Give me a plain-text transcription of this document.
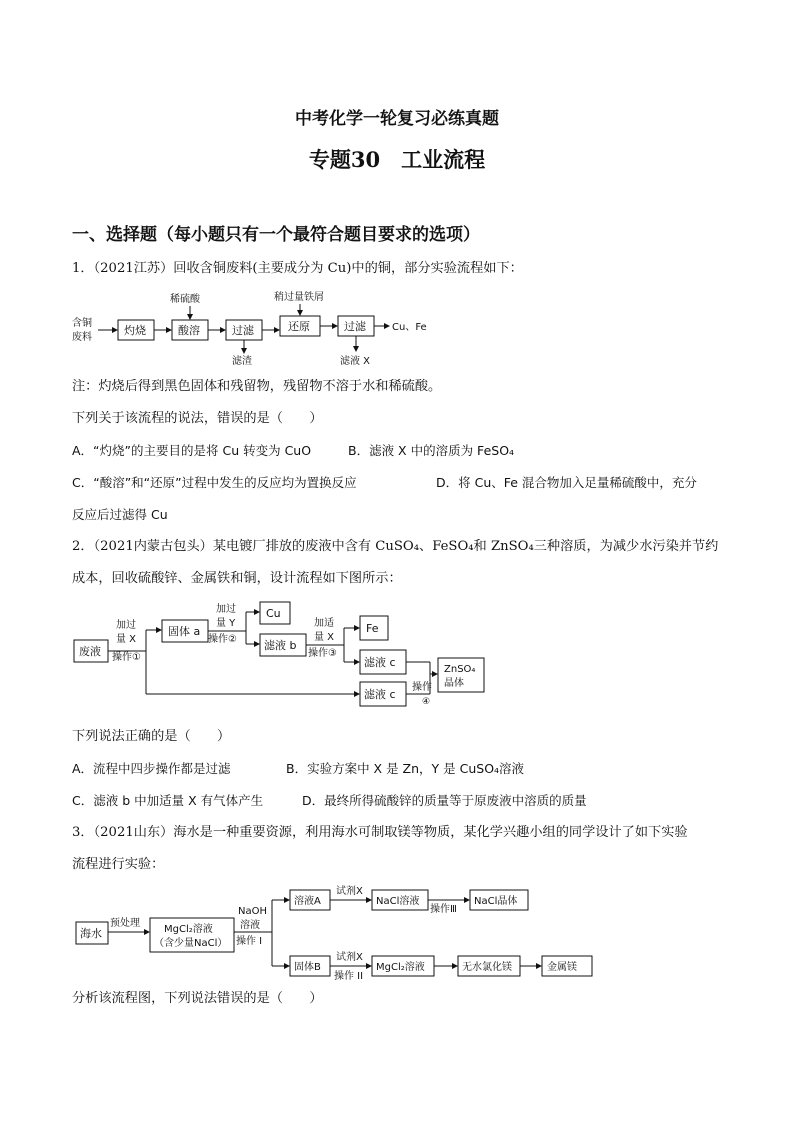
中考化学一轮复习必练真题
专题30　工业流程
一、选择题（每小题只有一个最符合题目要求的选项）
1．（2021江苏）回收含铜废料(主要成分为 Cu)中的铜，部分实验流程如下：
含铜
废料
灼烧
稀硫酸
酸溶	过滤
滤渣
稍过量铁屑
还原	过滤
滤液 X
Cu、Fe
注：灼烧后得到黑色固体和残留物，残留物不溶于水和稀硫酸。
下列关于该流程的说法，错误的是（　　）
A．“灼烧”的主要目的是将 Cu 转变为 CuO	B．滤液 X 中的溶质为 FeSO₄
C．“酸溶”和“还原”过程中发生的反应均为置换反应	D．将 Cu、Fe 混合物加入足量稀硫酸中，充分
反应后过滤得 Cu
2．（2021内蒙古包头）某电镀厂排放的废液中含有 CuSO₄、FeSO₄和 ZnSO₄三种溶质，为减少水污染并节约
成本，回收硫酸锌、金属铁和铜，设计流程如下图所示：
废液
加过
量 X
操作①
固体 a
加过
量 Y
操作②
Cu
滤液 b
加适
量 X
操作③
Fe
滤液 c
滤液 c
操作
④
ZnSO₄
晶体
下列说法正确的是（　　）
A．流程中四步操作都是过滤	B．实验方案中 X 是 Zn，Y 是 CuSO₄溶液
C．滤液 b 中加适量 X 有气体产生	D．最终所得硫酸锌的质量等于原废液中溶质的质量
3．（2021山东）海水是一种重要资源，利用海水可制取镁等物质，某化学兴趣小组的同学设计了如下实验
流程进行实验：
海水
预处理
MgCl₂溶液
（含少量NaCl）
NaOH
溶液
操作 I
溶液A
试剂X
NaCl溶液
操作Ⅲ
NaCl晶体
固体B
试剂X
操作 II
MgCl₂溶液	无水氯化镁	金属镁
分析该流程图，下列说法错误的是（　　）
